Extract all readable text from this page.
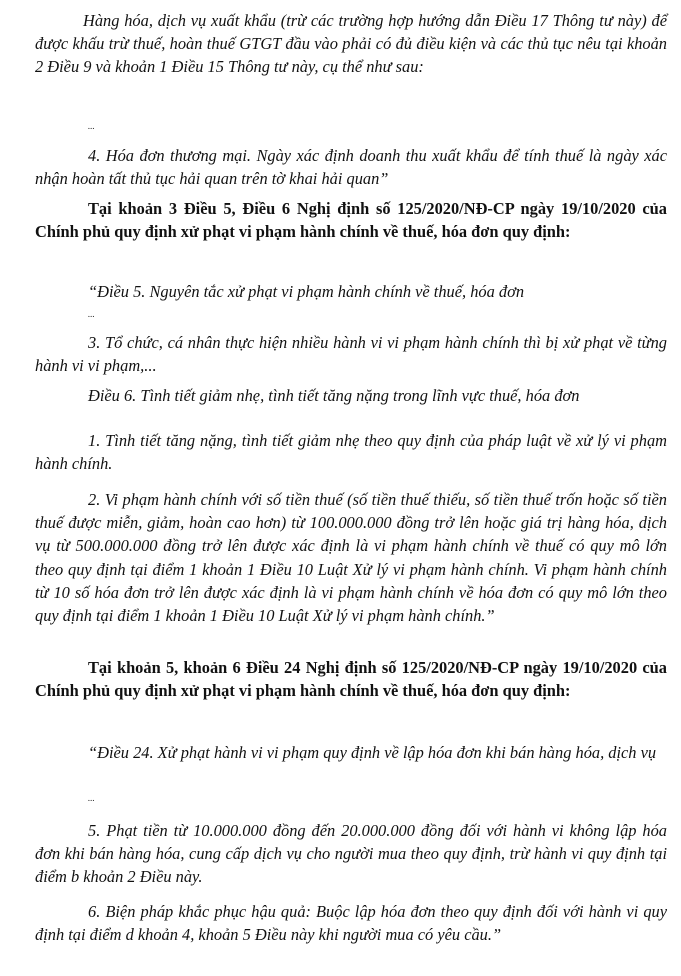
Hàng hóa, dịch vụ xuất khẩu (trừ các trường hợp hướng dẫn Điều 17 Thông tư này) để được khấu trừ thuế, hoàn thuế GTGT đầu vào phải có đủ điều kiện và các thủ tục nêu tại khoản 2 Điều 9 và khoản 1 Điều 15 Thông tư này, cụ thể như sau:

...

4. Hóa đơn thương mại. Ngày xác định doanh thu xuất khẩu để tính thuế là ngày xác nhận hoàn tất thủ tục hải quan trên tờ khai hải quan”

Tại khoản 3 Điều 5, Điều 6 Nghị định số 125/2020/NĐ-CP ngày 19/10/2020 của Chính phủ quy định xử phạt vi phạm hành chính về thuế, hóa đơn quy định:

“Điều 5. Nguyên tắc xử phạt vi phạm hành chính về thuế, hóa đơn

...

3. Tổ chức, cá nhân thực hiện nhiều hành vi vi phạm hành chính thì bị xử phạt về từng hành vi vi phạm,...

Điều 6. Tình tiết giảm nhẹ, tình tiết tăng nặng trong lĩnh vực thuế, hóa đơn

1. Tình tiết tăng nặng, tình tiết giảm nhẹ theo quy định của pháp luật về xử lý vi phạm hành chính.

2. Vi phạm hành chính với số tiền thuế (số tiền thuế thiếu, số tiền thuế trốn hoặc số tiền thuế được miễn, giảm, hoàn cao hơn) từ 100.000.000 đồng trở lên hoặc giá trị hàng hóa, dịch vụ từ 500.000.000 đồng trở lên được xác định là vi phạm hành chính về thuế có quy mô lớn theo quy định tại điểm 1 khoản 1 Điều 10 Luật Xử lý vi phạm hành chính. Vi phạm hành chính từ 10 số hóa đơn trở lên được xác định là vi phạm hành chính về hóa đơn có quy mô lớn theo quy định tại điểm 1 khoản 1 Điều 10 Luật Xử lý vi phạm hành chính.”

Tại khoản 5, khoản 6 Điều 24 Nghị định số 125/2020/NĐ-CP ngày 19/10/2020 của Chính phủ quy định xử phạt vi phạm hành chính về thuế, hóa đơn quy định:

“Điều 24. Xử phạt hành vi vi phạm quy định về lập hóa đơn khi bán hàng hóa, dịch vụ

...

5. Phạt tiền từ 10.000.000 đồng đến 20.000.000 đồng đối với hành vi không lập hóa đơn khi bán hàng hóa, cung cấp dịch vụ cho người mua theo quy định, trừ hành vi quy định tại điểm b khoản 2 Điều này.

6. Biện pháp khắc phục hậu quả: Buộc lập hóa đơn theo quy định đối với hành vi quy định tại điểm d khoản 4, khoản 5 Điều này khi người mua có yêu cầu.”
